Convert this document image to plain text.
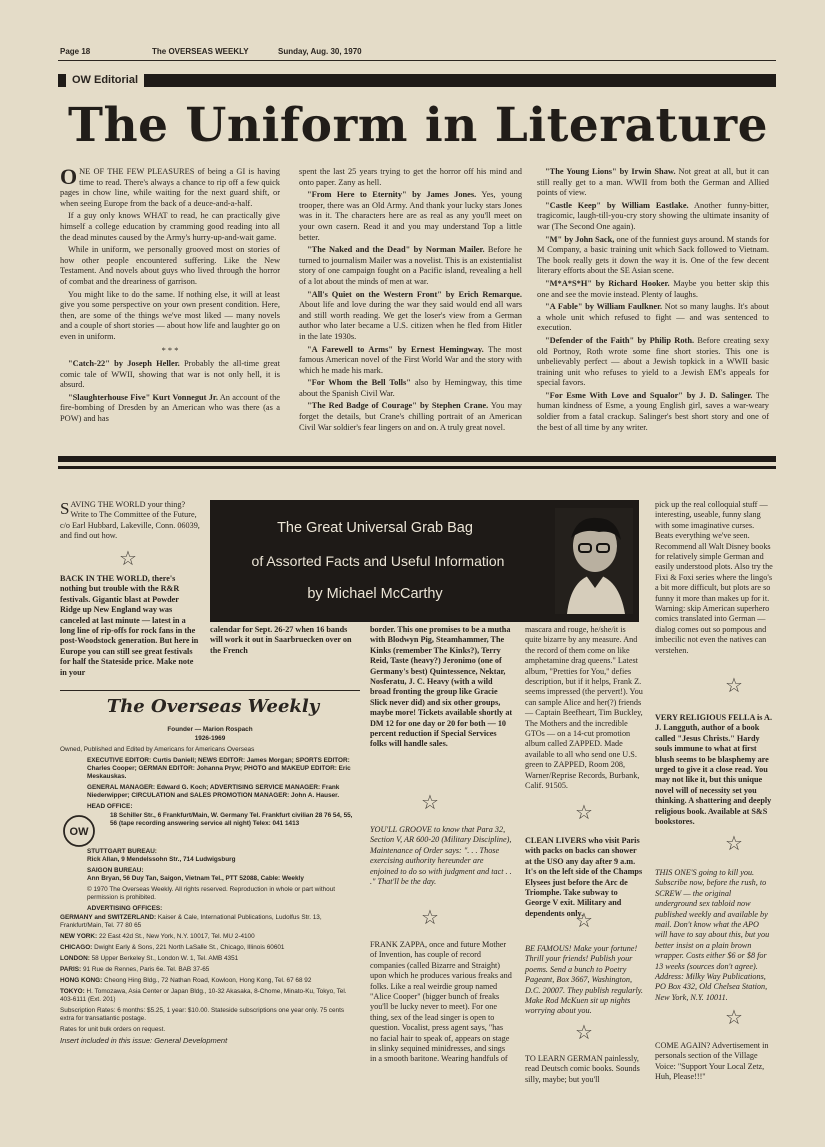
Page 18	The OVERSEAS WEEKLY	Sunday, Aug. 30, 1970
OW Editorial
The Uniform in Literature

ONE OF THE FEW PLEASURES of being a GI is having time to read. There's always a chance to rip off a few quick pages in chow line, while waiting for the next guard shift, or when seeing Europe from the back of a deuce-and-a-half.

If a guy only knows WHAT to read, he can practically give himself a college education by cramming good reading into all the dead minutes caused by the Army's hurry-up-and-wait game.

While in uniform, we personally grooved most on stories of how other people encountered suffering. Like the New Testament. And novels about guys who lived through the horror of combat and the dreariness of garrison.

You might like to do the same. If nothing else, it will at least give you some perspective on your own present condition. Here, then, are some of the things we've most liked — many novels and a couple of short stories — about how life and laughter go on even in uniform.

* * *

"Catch-22" by Joseph Heller. Probably the all-time great comic tale of WWII, showing that war is not only hell, it is absurd.

"Slaughterhouse Five" Kurt Vonnegut Jr. An account of the fire-bombing of Dresden by an American who was there (as a POW) and has

spent the last 25 years trying to get the horror off his mind and onto paper. Zany as hell.

"From Here to Eternity" by James Jones. Yes, young trooper, there was an Old Army. And thank your lucky stars Jones was in it. The characters here are as real as any you'll meet on your own casern. Read it and you may understand Top a little better.

"The Naked and the Dead" by Norman Mailer. Before he turned to journalism Mailer was a novelist. This is an existentialist story of one campaign fought on a Pacific island, revealing a hell of a lot about the minds of men at war.

"All's Quiet on the Western Front" by Erich Remarque. About life and love during the war they said would end all wars and still worth reading. We get the loser's view from a German author who later became a U.S. citizen when he fled from Hitler in the late 1930s.

"A Farewell to Arms" by Ernest Hemingway. The most famous American novel of the First World War and the story with which he made his mark.

"For Whom the Bell Tolls" also by Hemingway, this time about the Spanish Civil War.

"The Red Badge of Courage" by Stephen Crane. You may forget the details, but Crane's chilling portrait of an American Civil War soldier's fear lingers on and on. A truly great novel.

"The Young Lions" by Irwin Shaw. Not great at all, but it can still really get to a man. WWII from both the German and Allied points of view.

"Castle Keep" by William Eastlake. Another funny-bitter, tragicomic, laugh-till-you-cry story showing the ultimate insanity of war (The Second One again).

"M" by John Sack, one of the funniest guys around. M stands for M Company, a basic training unit which Sack followed to Vietnam. The book really gets it down the way it is. One of the few decent literary efforts about the SE Asian scene.

"M*A*S*H" by Richard Hooker. Maybe you better skip this one and see the movie instead. Plenty of laughs.

"A Fable" by William Faulkner. Not so many laughs. It's about a whole unit which refused to fight — and was sentenced to execution.

"Defender of the Faith" by Philip Roth. Before creating sexy old Portnoy, Roth wrote some fine short stories. This one is unbelievably perfect — about a Jewish topkick in a WWII basic training unit who refuses to yield to a Jewish EM's appeals for special favors.

"For Esme With Love and Squalor" by J. D. Salinger. The human kindness of Esme, a young English girl, saves a war-weary soldier from a fatal crackup. Salinger's best short story and one of the best of all time by any writer.

The Great Universal Grab Bag
of Assorted Facts and Useful Information
by Michael McCarthy

SAVING THE WORLD your thing? Write to The Committee of the Future, c/o Earl Hubbard, Lakeville, Conn. 06039, and find out how.

☆
BACK IN THE WORLD, there's nothing but trouble with the R&R festivals. Gigantic blast at Powder Ridge up New England way was canceled at last minute — latest in a long line of rip-offs for rock fans in the post-Woodstock generation. But here in Europe you can still see great festivals for half the Stateside price. Make note in your
calendar for Sept. 26-27 when 16 bands will work it out in Saarbruecken over on the French
border. This one promises to be a mutha with Blodwyn Pig, Steamhammer, The Kinks (remember The Kinks?), Terry Reid, Taste (heavy?) Jeronimo (one of Germany's best) Quintessence, Nektar, Nosferatu, J. C. Heavy (with a wild broad fronting the group like Gracie Slick never did) and six other groups, maybe more! Tickets available shortly at DM 12 for one day or 20 for both — 10 percent reduction if Special Services folks will handle sales.
mascara and rouge, he/she/it is quite bizarre by any measure. And the record of them come on like amphetamine drag queens." Latest album, "Pretties for You," defies description, but if it helps, Frank Z. seems impressed (the pervert!). You can sample Alice and her(?) friends — Captain Beefheart, Tim Buckley, The Mothers and the incredible GTOs — on a 14-cut promotion album called ZAPPED. Made available to all who send one U.S. green to ZAPPED, Room 208, Warner/Reprise Records, Burbank, Calif. 91505.
pick up the real colloquial stuff — interesting, useable, funny slang with some imaginative curses. Beats everything we've seen. Recommend all Walt Disney books for relatively simple German and easily understood plots. Also try the Fixi & Foxi series where the lingo's a bit more difficult, but plots are so funny it more than makes up for it. Warning: skip American superhero comics translated into German — dialog comes out so pompous and imbecilic not even the natives can verstehen.
☆
VERY RELIGIOUS FELLA is A. J. Langguth, author of a book called "Jesus Christs." Hardy souls immune to what at first blush seems to be blasphemy are urged to give it a close read. You may not like it, but this unique novel will of necessity set you thinking. A shattering and deeply religious book. Available at S&S bookstores.
☆
THIS ONE'S going to kill you. Subscribe now, before the rush, to SCREW — the original underground sex tabloid now published weekly and available by mail. Don't know what the APO will have to say about this, but you better insist on a plain brown wrapper. Costs either $6 or $8 for 13 weeks (sources don't agree). Address: Milky Way Publications, PO Box 432, Old Chelsea Station, New York, N.Y. 10011.
☆
COME AGAIN? Advertisement in personals section of the Village Voice: "Support Your Local Zetz, Huh, Please!!!"
☆
YOU'LL GROOVE to know that Para 32, Section V, AR 600-20 (Military Discipline), Maintenance of Order says: ". . . Those exercising authority hereunder are enjoined to do so with judgment and tact . . ." That'll be the day.
☆
FRANK ZAPPA, once and future Mother of Invention, has couple of record companies (called Bizarre and Straight) upon which he produces various freaks and folks. Like a real weirdie group named "Alice Cooper" (bigger bunch of freaks you'll be lucky never to meet). For one thing, sex of the lead singer is open to question. Vocalist, press agent says, "has no facial hair to speak of, appears on stage in slinky sequined minidresses, and sings in a smooth baritone. Wearing handfuls of
☆
CLEAN LIVERS who visit Paris with packs on backs can shower at the USO any day after 9 a.m. It's on the left side of the Champs Elysees just before the Arc de Triomphe. Take subway to George V exit. Military and dependents only.
☆
BE FAMOUS! Make your fortune! Thrill your friends! Publish your poems. Send a bunch to Poetry Pageant, Box 3667, Washington, D.C. 20007. They publish regularly. Make Rod McKuen sit up nights worrying about you.
☆
TO LEARN GERMAN painlessly, read Deutsch comic books. Sounds silly, maybe; but you'll
The Overseas Weekly

Founder — Marion Rospach

1926-1969

Owned, Published and Edited by Americans for Americans Overseas

EXECUTIVE EDITOR: Curtis Daniell; NEWS EDITOR: James Morgan; SPORTS EDITOR: Charles Cooper; GERMAN EDITOR: Johanna Pryw; PHOTO and MAKEUP EDITOR: Eric Meskauskas.

GENERAL MANAGER: Edward G. Koch; ADVERTISING SERVICE MANAGER: Frank Niederwipper; CIRCULATION and SALES PROMOTION MANAGER: John A. Hauser.

HEAD OFFICE:

OW

18 Schiller Str., 6 Frankfurt/Main, W. Germany Tel. Frankfurt civilian 28 76 54, 55, 56 (tape recording answering service all night) Telex: 041 1413

STUTTGART BUREAU:

Rick Allan, 9 Mendelssohn Str., 714 Ludwigsburg

SAIGON BUREAU:

Ann Bryan, 56 Duy Tan, Saigon, Vietnam Tel., PTT 52088, Cable: Weekly

© 1970 The Overseas Weekly. All rights reserved. Reproduction in whole or part without permission is prohibited.

ADVERTISING OFFICES:

GERMANY and SWITZERLAND: Kaiser & Cale, International Publications, Ludolfus Str. 13, Frankfurt/Main, Tel. 77 80 65

NEW YORK: 22 East 42d St., New York, N.Y. 10017, Tel. MU 2-4100

CHICAGO: Dwight Early & Sons, 221 North LaSalle St., Chicago, Illinois 60601

LONDON: 58 Upper Berkeley St., London W. 1, Tel. AMB 4351

PARIS: 91 Rue de Rennes, Paris 6e. Tel. BAB 37-65

HONG KONG: Cheong Hing Bldg., 72 Nathan Road, Kowloon, Hong Kong, Tel. 67 68 92

TOKYO: H. Tomozawa, Asia Center or Japan Bldg., 10-32 Akasaka, 8-Chome, Minato-Ku, Tokyo, Tel. 403-6111 (Ext. 201)

Subscription Rates: 6 months: $5.25, 1 year: $10.00. Stateside subscriptions one year only. 75 cents extra for transatlantic postage.

Rates for unit bulk orders on request.

Insert included in this issue: General Development
